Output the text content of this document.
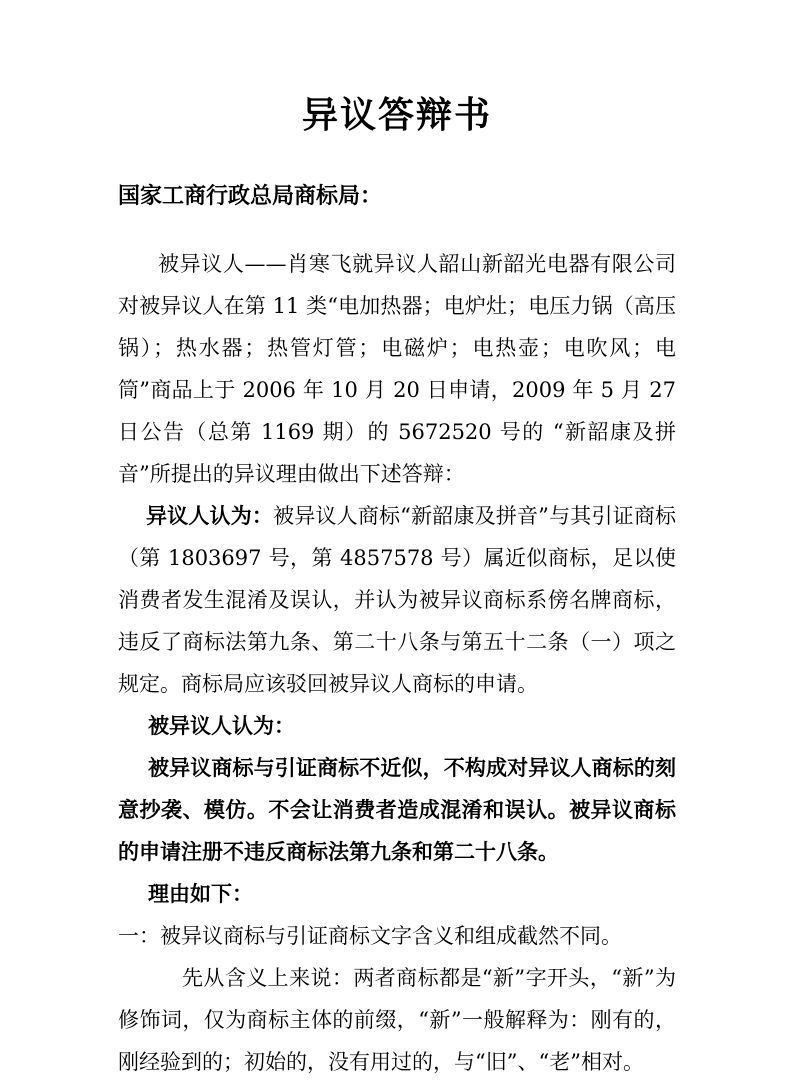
异议答辩书

国家工商行政总局商标局：

被异议人——肖寒飞就异议人韶山新韶光电器有限公司对被异议人在第 11 类“电加热器；电炉灶；电压力锅（高压锅）；热水器；热管灯管；电磁炉；电热壶；电吹风；电筒”商品上于 2006 年 10 月 20 日申请，2009 年 5 月 27 日公告（总第 1169 期）的 5672520 号的 “新韶康及拼音”所提出的异议理由做出下述答辩：

异议人认为：被异议人商标“新韶康及拼音”与其引证商标（第 1803697 号，第 4857578 号）属近似商标，足以使消费者发生混淆及误认，并认为被异议商标系傍名牌商标，违反了商标法第九条、第二十八条与第五十二条（一）项之规定。商标局应该驳回被异议人商标的申请。

被异议人认为：

被异议商标与引证商标不近似，不构成对异议人商标的刻意抄袭、模仿。不会让消费者造成混淆和误认。被异议商标的申请注册不违反商标法第九条和第二十八条。

理由如下：

一：被异议商标与引证商标文字含义和组成截然不同。

先从含义上来说：两者商标都是“新”字开头，“新”为修饰词，仅为商标主体的前缀，“新”一般解释为：刚有的，刚经验到的；初始的，没有用过的，与“旧”、“老”相对。
